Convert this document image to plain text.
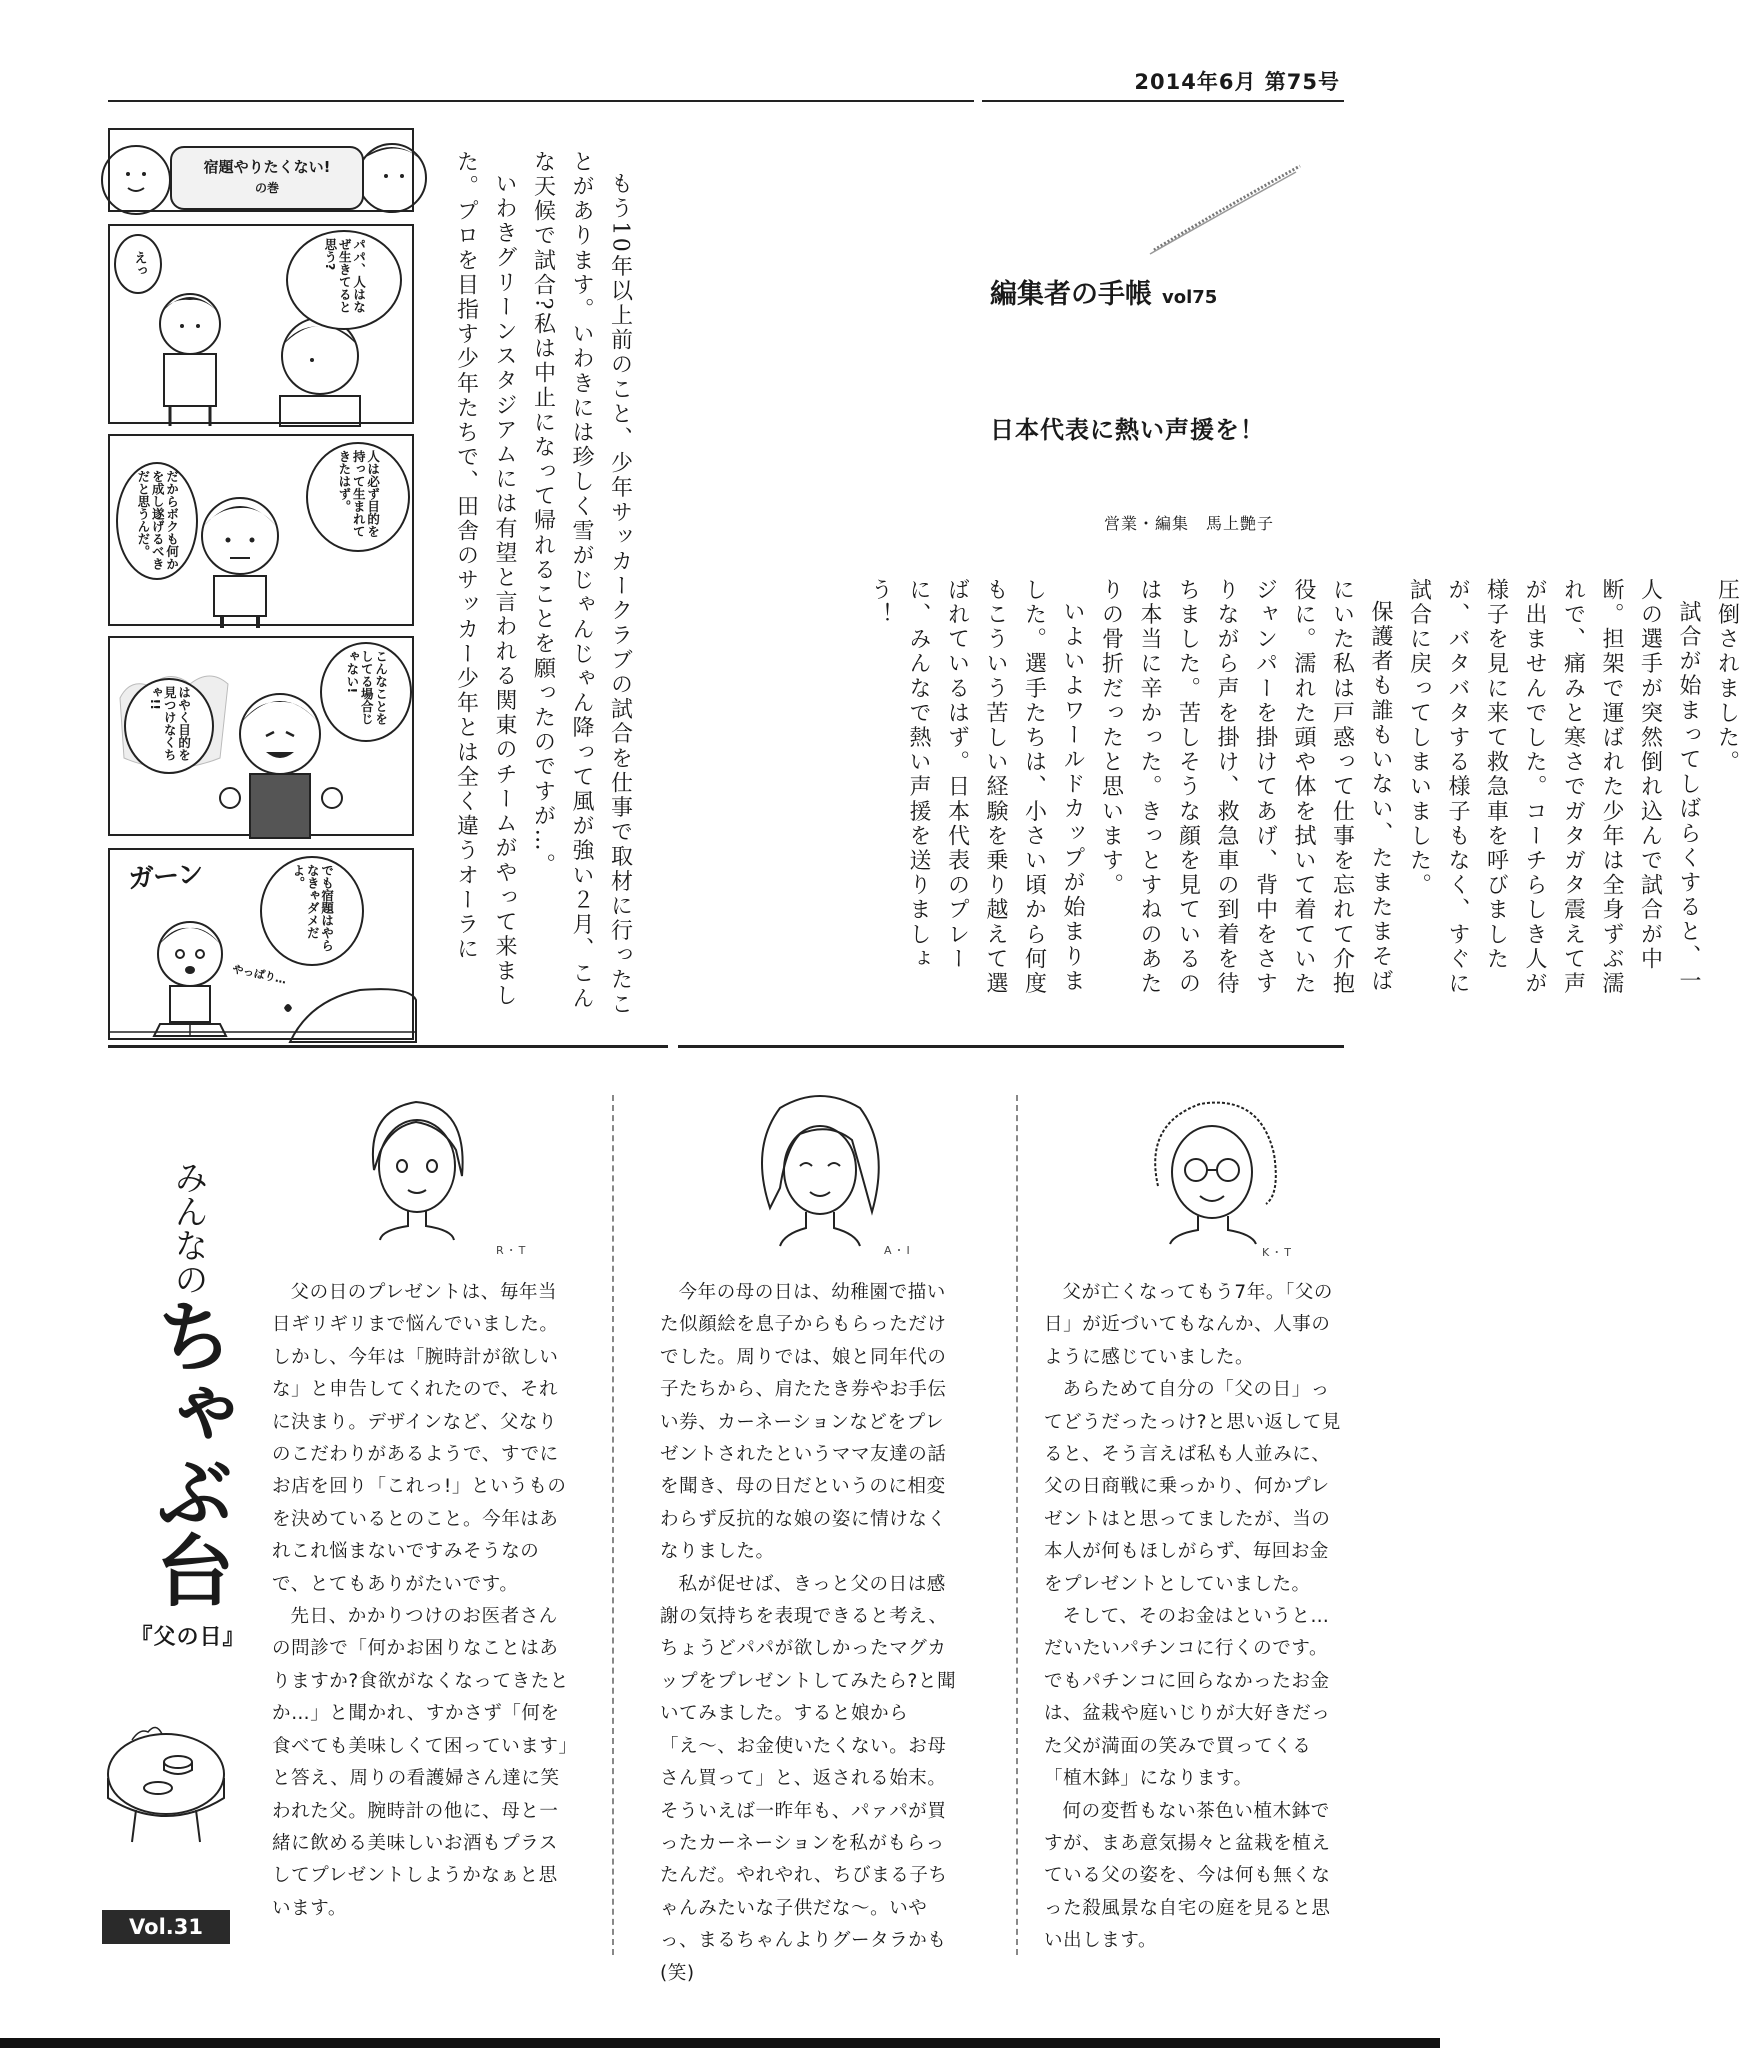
2014年6月 第75号
宿題やりたくない!
の巻
えっ	パパ、人はなぜ生きてると思う?
だからボクも何かを成し遂げるべきだと思うんだ。	人は必ず目的を持って生まれてきたはず。
はやく目的を見つけなくちゃ!!	こんなことをしてる場合じゃない!
ガーン
やっぱり…
でも宿題はやらなきゃダメだよ。	もう10年以上前のこと、少年サッカークラブの試合を仕事で取材に行ったことがあります。いわきには珍しく雪がじゃんじゃん降って風が強い２月、こんな天候で試合?私は中止になって帰れることを願ったのですが…。

いわきグリーンスタジアムには有望と言われる関東のチームがやって来ました。プロを目指す少年たちで、田舎のサッカー少年とは全く違うオーラに	編集者の手帳 vol75
日本代表に熱い声援を！
営業・編集　馬上艶子

圧倒されました。

試合が始まってしばらくすると、一人の選手が突然倒れ込んで試合が中断。担架で運ばれた少年は全身ずぶ濡れで、痛みと寒さでガタガタ震えて声が出ませんでした。コーチらしき人が様子を見に来て救急車を呼びましたが、バタバタする様子もなく、すぐに試合に戻ってしまいました。

保護者も誰もいない、たまたまそばにいた私は戸惑って仕事を忘れて介抱役に。濡れた頭や体を拭いて着ていたジャンパーを掛けてあげ、背中をさすりながら声を掛け、救急車の到着を待ちました。苦しそうな顔を見ているのは本当に辛かった。きっとすねのあたりの骨折だったと思います。

いよいよワールドカップが始まりました。選手たちは、小さい頃から何度もこういう苦しい経験を乗り越えて選ばれているはず。日本代表のプレーに、みんなで熱い声援を送りましょう！

みんなの
ちゃぶ台
『父の日』
Vol.31
R・T	A・I	K・T

父の日のプレゼントは、毎年当日ギリギリまで悩んでいました。しかし、今年は「腕時計が欲しいな」と申告してくれたので、それに決まり。デザインなど、父なりのこだわりがあるようで、すでにお店を回り「これっ!」というものを決めているとのこと。今年はあれこれ悩まないですみそうなので、とてもありがたいです。

先日、かかりつけのお医者さんの問診で「何かお困りなことはありますか?食欲がなくなってきたとか…」と聞かれ、すかさず「何を食べても美味しくて困っています」と答え、周りの看護婦さん達に笑われた父。腕時計の他に、母と一緒に飲める美味しいお酒もプラスしてプレゼントしようかなぁと思います。

今年の母の日は、幼稚園で描いた似顔絵を息子からもらっただけでした。周りでは、娘と同年代の子たちから、肩たたき券やお手伝い券、カーネーションなどをプレゼントされたというママ友達の話を聞き、母の日だというのに相変わらず反抗的な娘の姿に情けなくなりました。

私が促せば、きっと父の日は感謝の気持ちを表現できると考え、ちょうどパパが欲しかったマグカップをプレゼントしてみたら?と聞いてみました。すると娘から「え〜、お金使いたくない。お母さん買って」と、返される始末。そういえば一昨年も、パァパが買ったカーネーションを私がもらったんだ。やれやれ、ちびまる子ちゃんみたいな子供だな〜。いやっ、まるちゃんよりグータラかも(笑)

父が亡くなってもう7年。「父の日」が近づいてもなんか、人事のように感じていました。

あらためて自分の「父の日」ってどうだったっけ?と思い返して見ると、そう言えば私も人並みに、父の日商戦に乗っかり、何かプレゼントはと思ってましたが、当の本人が何もほしがらず、毎回お金をプレゼントとしていました。

そして、そのお金はというと…だいたいパチンコに行くのです。でもパチンコに回らなかったお金は、盆栽や庭いじりが大好きだった父が満面の笑みで買ってくる「植木鉢」になります。

何の変哲もない茶色い植木鉢ですが、まあ意気揚々と盆栽を植えている父の姿を、今は何も無くなった殺風景な自宅の庭を見ると思い出します。
